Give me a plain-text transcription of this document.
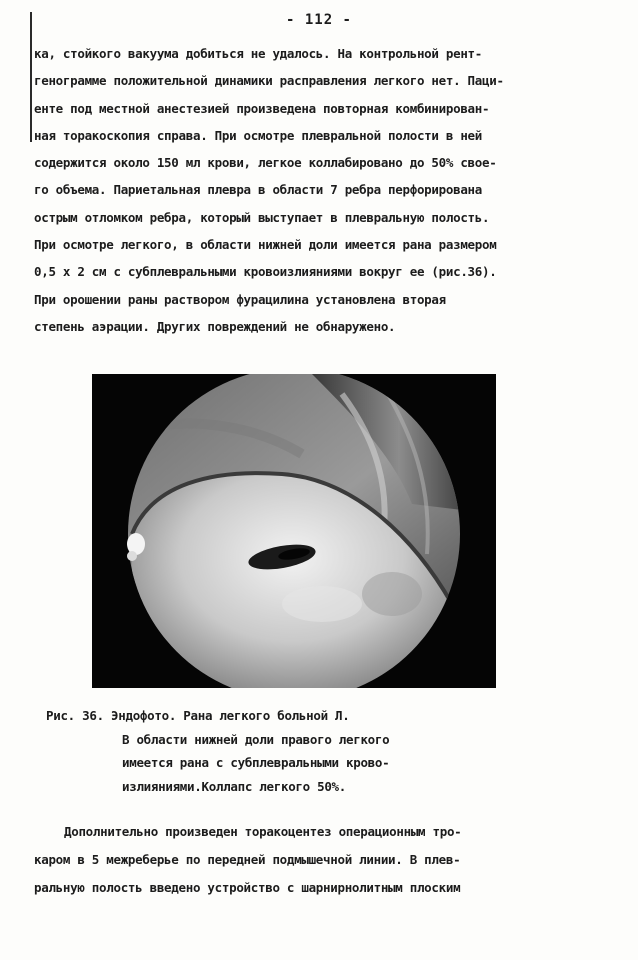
- 112 -
ка, стойкого вакуума добиться не удалось. На контрольной рент-
генограмме положительной динамики расправления легкого нет. Паци-
енте под местной анестезией произведена повторная комбинирован-
ная торакоскопия справа. При осмотре плевральной полости в ней
содержится около 150 мл крови, легкое коллабировано до 50% свое-
го объема. Париетальная плевра в области 7 ребра перфорирована
острым отломком ребра, который выступает в плевральную полость.
При осмотре легкого, в области нижней доли имеется рана размером
0,5 х 2 см с субплевральными кровоизлияниями вокруг ее (рис.36).
При орошении раны раствором фурацилина установлена вторая
степень аэрации. Других повреждений не обнаружено.
Рис. 36. Эндофото. Рана легкого больной Л.
В области нижней доли правого легкого
имеется рана с субплевральными крово-
излияниями.Коллапс легкого 50%.
Дополнительно произведен торакоцентез операционным тро-
каром в 5 межреберье по передней подмышечной линии. В плев-
ральную полость введено устройство с шарнирнолитным плоским
